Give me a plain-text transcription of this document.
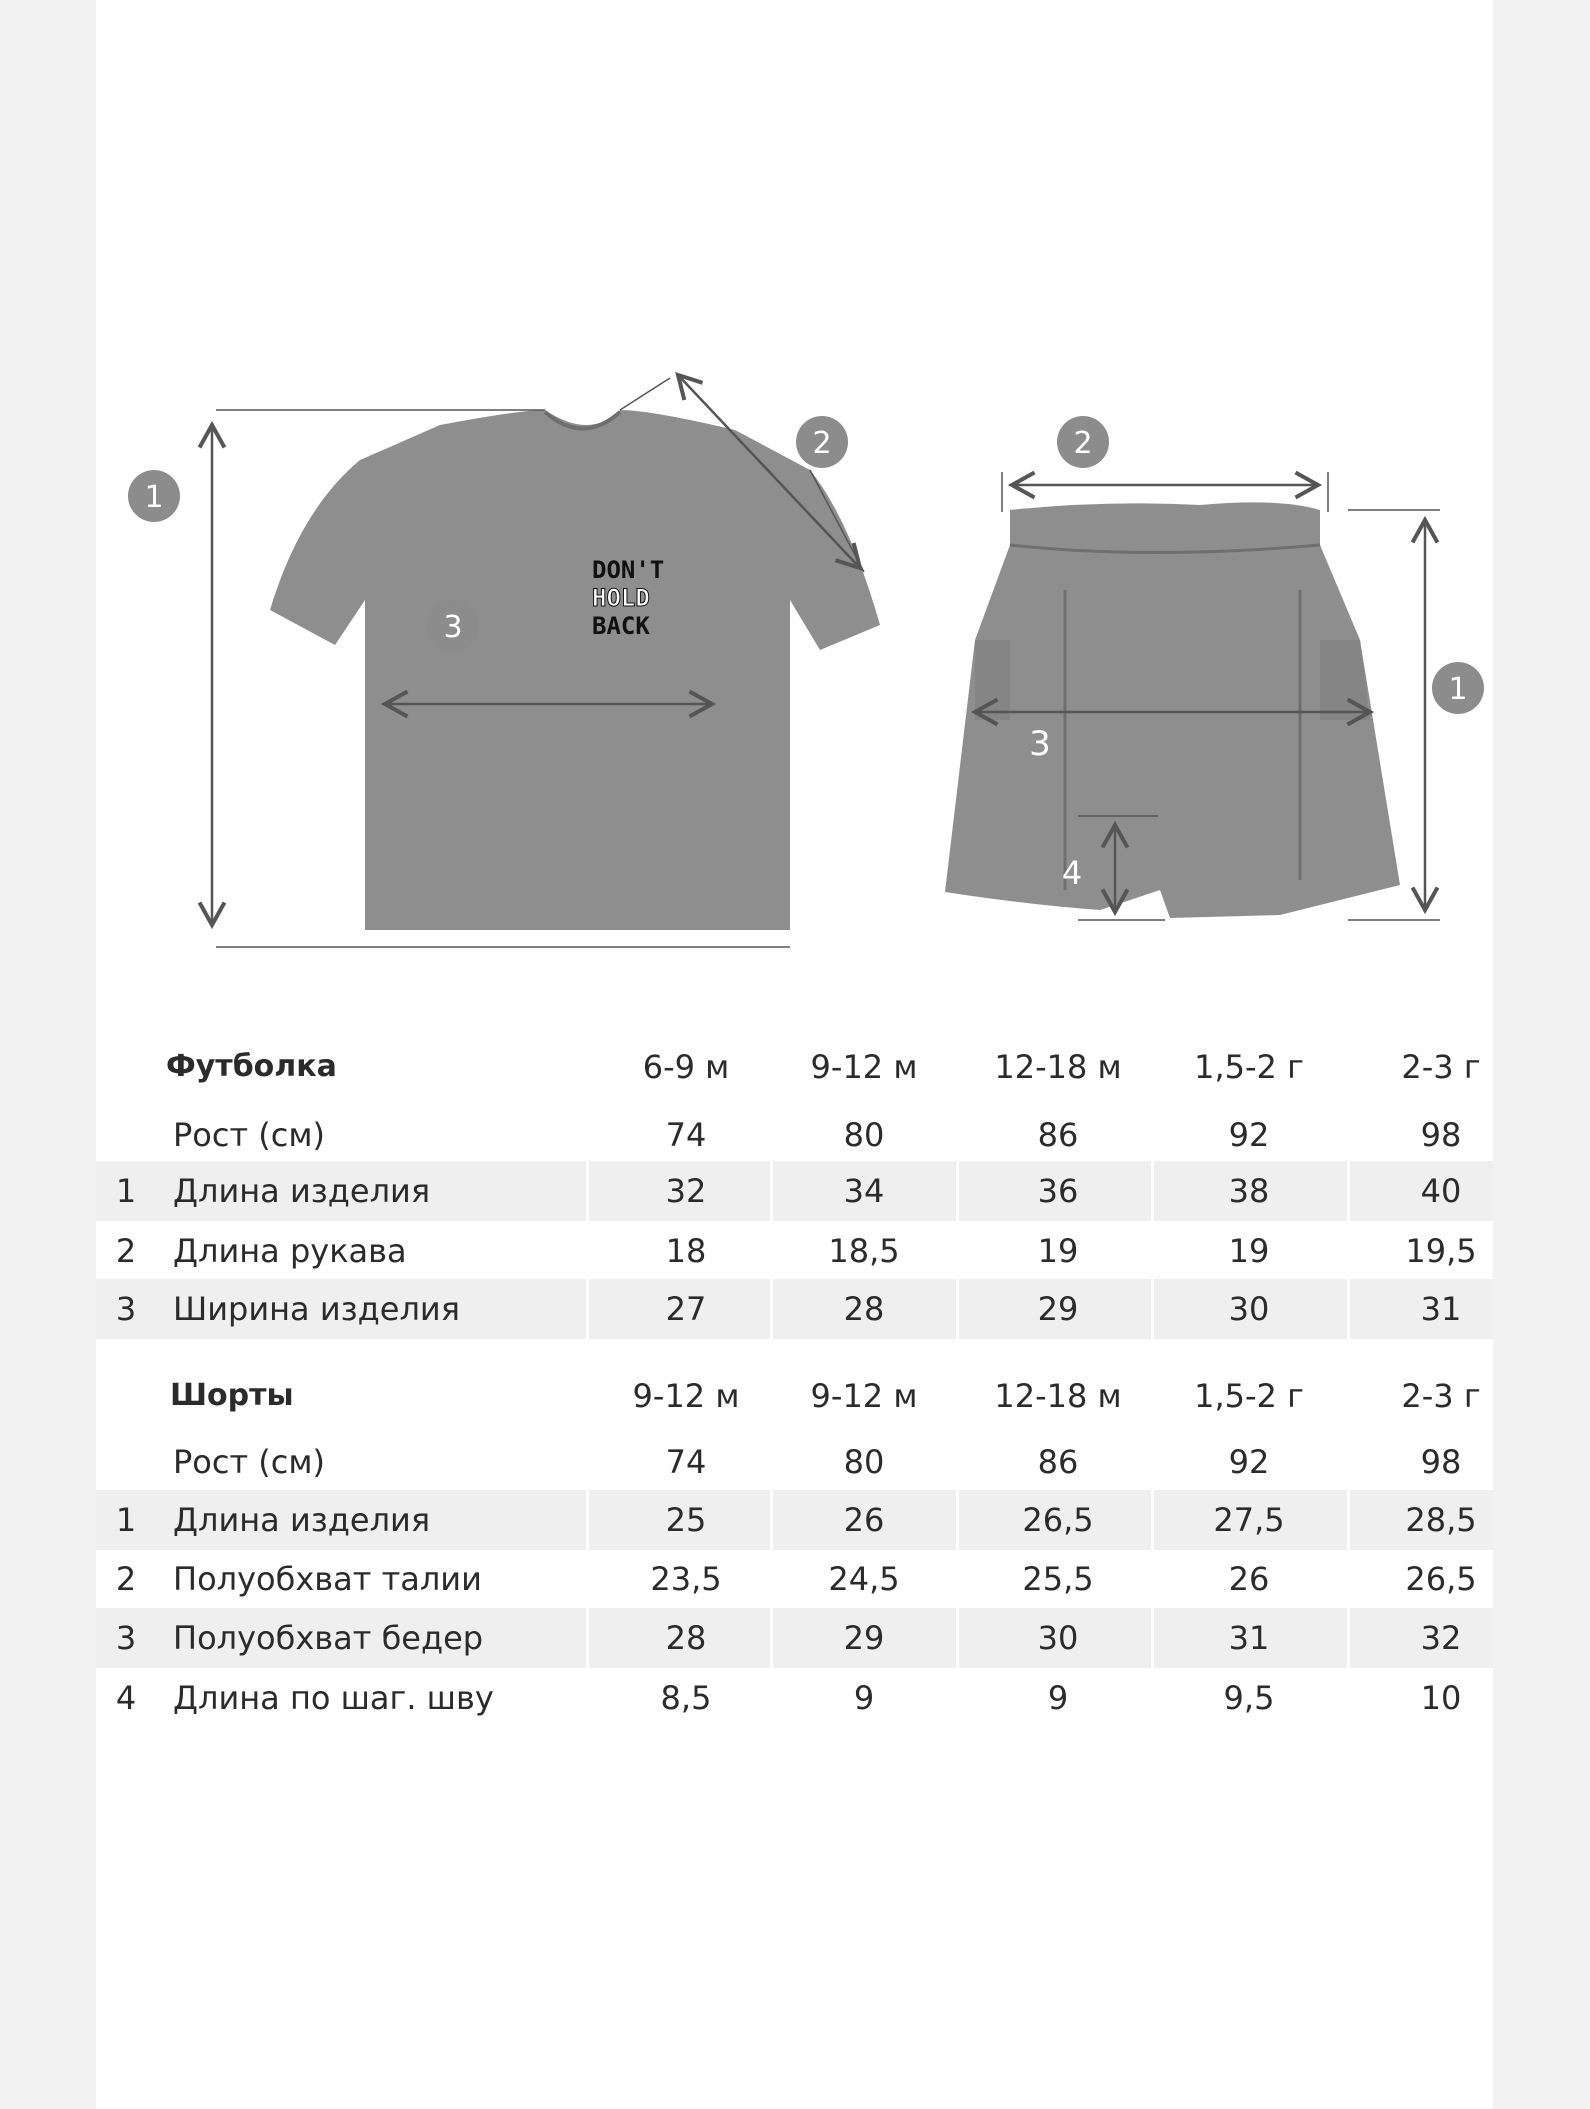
DON'T
HOLD
BACK
1
2
3
2
1
3
4
Футболка	6-9 м	9-12 м	12-18 м	1,5-2 г	2-3 г
Рост (см)	74	80	86	92	98
1	Длина изделия	32	34	36	38	40
2	Длина рукава	18	18,5	19	19	19,5
3	Ширина изделия	27	28	29	30	31
Шорты	9-12 м	9-12 м	12-18 м	1,5-2 г	2-3 г
Рост (см)	74	80	86	92	98
1	Длина изделия	25	26	26,5	27,5	28,5
2	Полуобхват талии	23,5	24,5	25,5	26	26,5
3	Полуобхват бедер	28	29	30	31	32
4	Длина по шаг. шву	8,5	9	9	9,5	10
